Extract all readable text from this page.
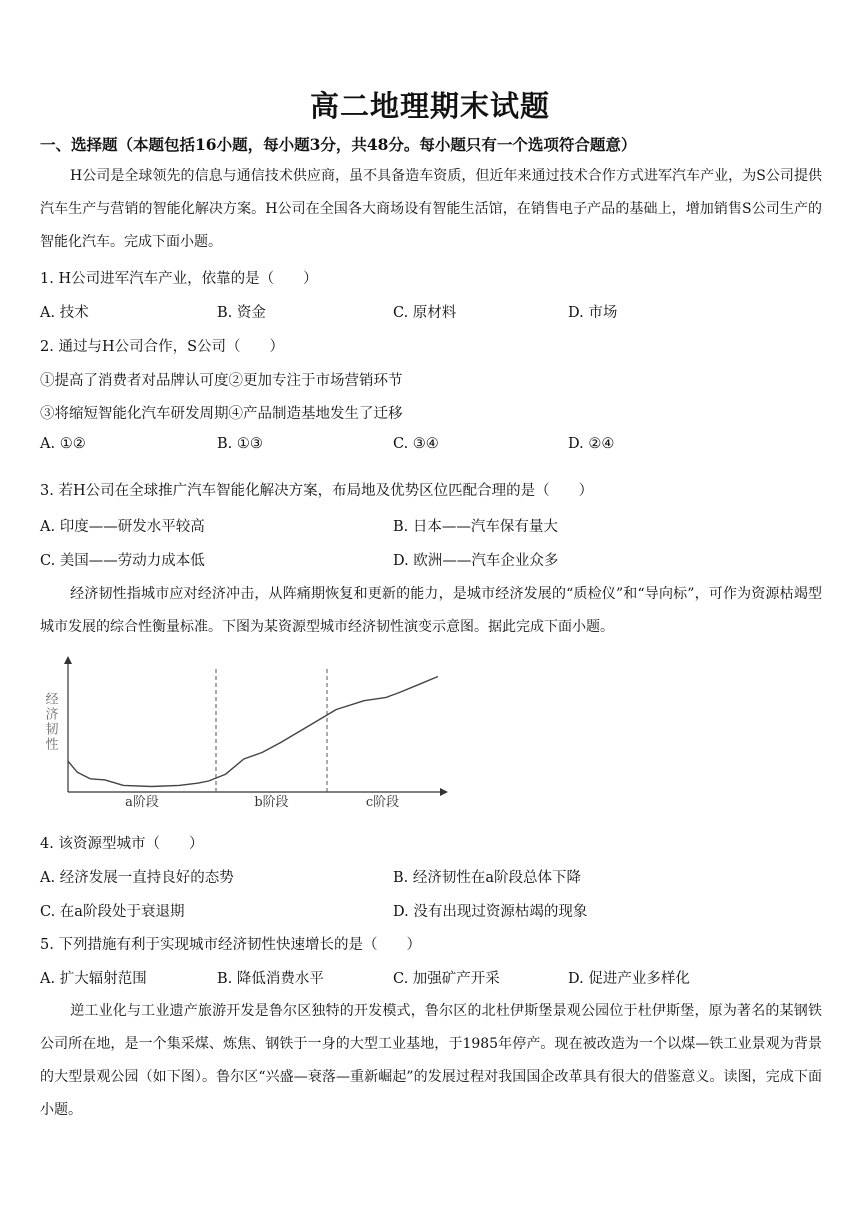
高二地理期末试题
一、选择题（本题包括16小题，每小题3分，共48分。每小题只有一个选项符合题意）
H公司是全球领先的信息与通信技术供应商，虽不具备造车资质，但近年来通过技术合作方式进军汽车产业，为S公司提供汽车生产与营销的智能化解决方案。H公司在全国各大商场设有智能生活馆，在销售电子产品的基础上，增加销售S公司生产的智能化汽车。完成下面小题。
1. H公司进军汽车产业，依靠的是（　　）
A. 技术	B. 资金	C. 原材料	D. 市场
2. 通过与H公司合作，S公司（　　）
①提高了消费者对品牌认可度②更加专注于市场营销环节
③将缩短智能化汽车研发周期④产品制造基地发生了迁移
A. ①②	B. ①③	C. ③④	D. ②④
3. 若H公司在全球推广汽车智能化解决方案，布局地及优势区位匹配合理的是（　　）
A. 印度——研发水平较高	B. 日本——汽车保有量大
C. 美国——劳动力成本低	D. 欧洲——汽车企业众多
经济韧性指城市应对经济冲击，从阵痛期恢复和更新的能力，是城市经济发展的“质检仪”和“导向标”，可作为资源枯竭型城市发展的综合性衡量标准。下图为某资源型城市经济韧性演变示意图。据此完成下面小题。
经济韧性
a阶段	b阶段	c阶段
4. 该资源型城市（　　）
A. 经济发展一直持良好的态势	B. 经济韧性在a阶段总体下降
C. 在a阶段处于衰退期	D. 没有出现过资源枯竭的现象
5. 下列措施有利于实现城市经济韧性快速增长的是（　　）
A. 扩大辐射范围	B. 降低消费水平	C. 加强矿产开采	D. 促进产业多样化
逆工业化与工业遗产旅游开发是鲁尔区独特的开发模式，鲁尔区的北杜伊斯堡景观公园位于杜伊斯堡，原为著名的某钢铁公司所在地，是一个集采煤、炼焦、钢铁于一身的大型工业基地，于1985年停产。现在被改造为一个以煤—铁工业景观为背景的大型景观公园（如下图）。鲁尔区“兴盛—衰落—重新崛起”的发展过程对我国国企改革具有很大的借鉴意义。读图，完成下面小题。
